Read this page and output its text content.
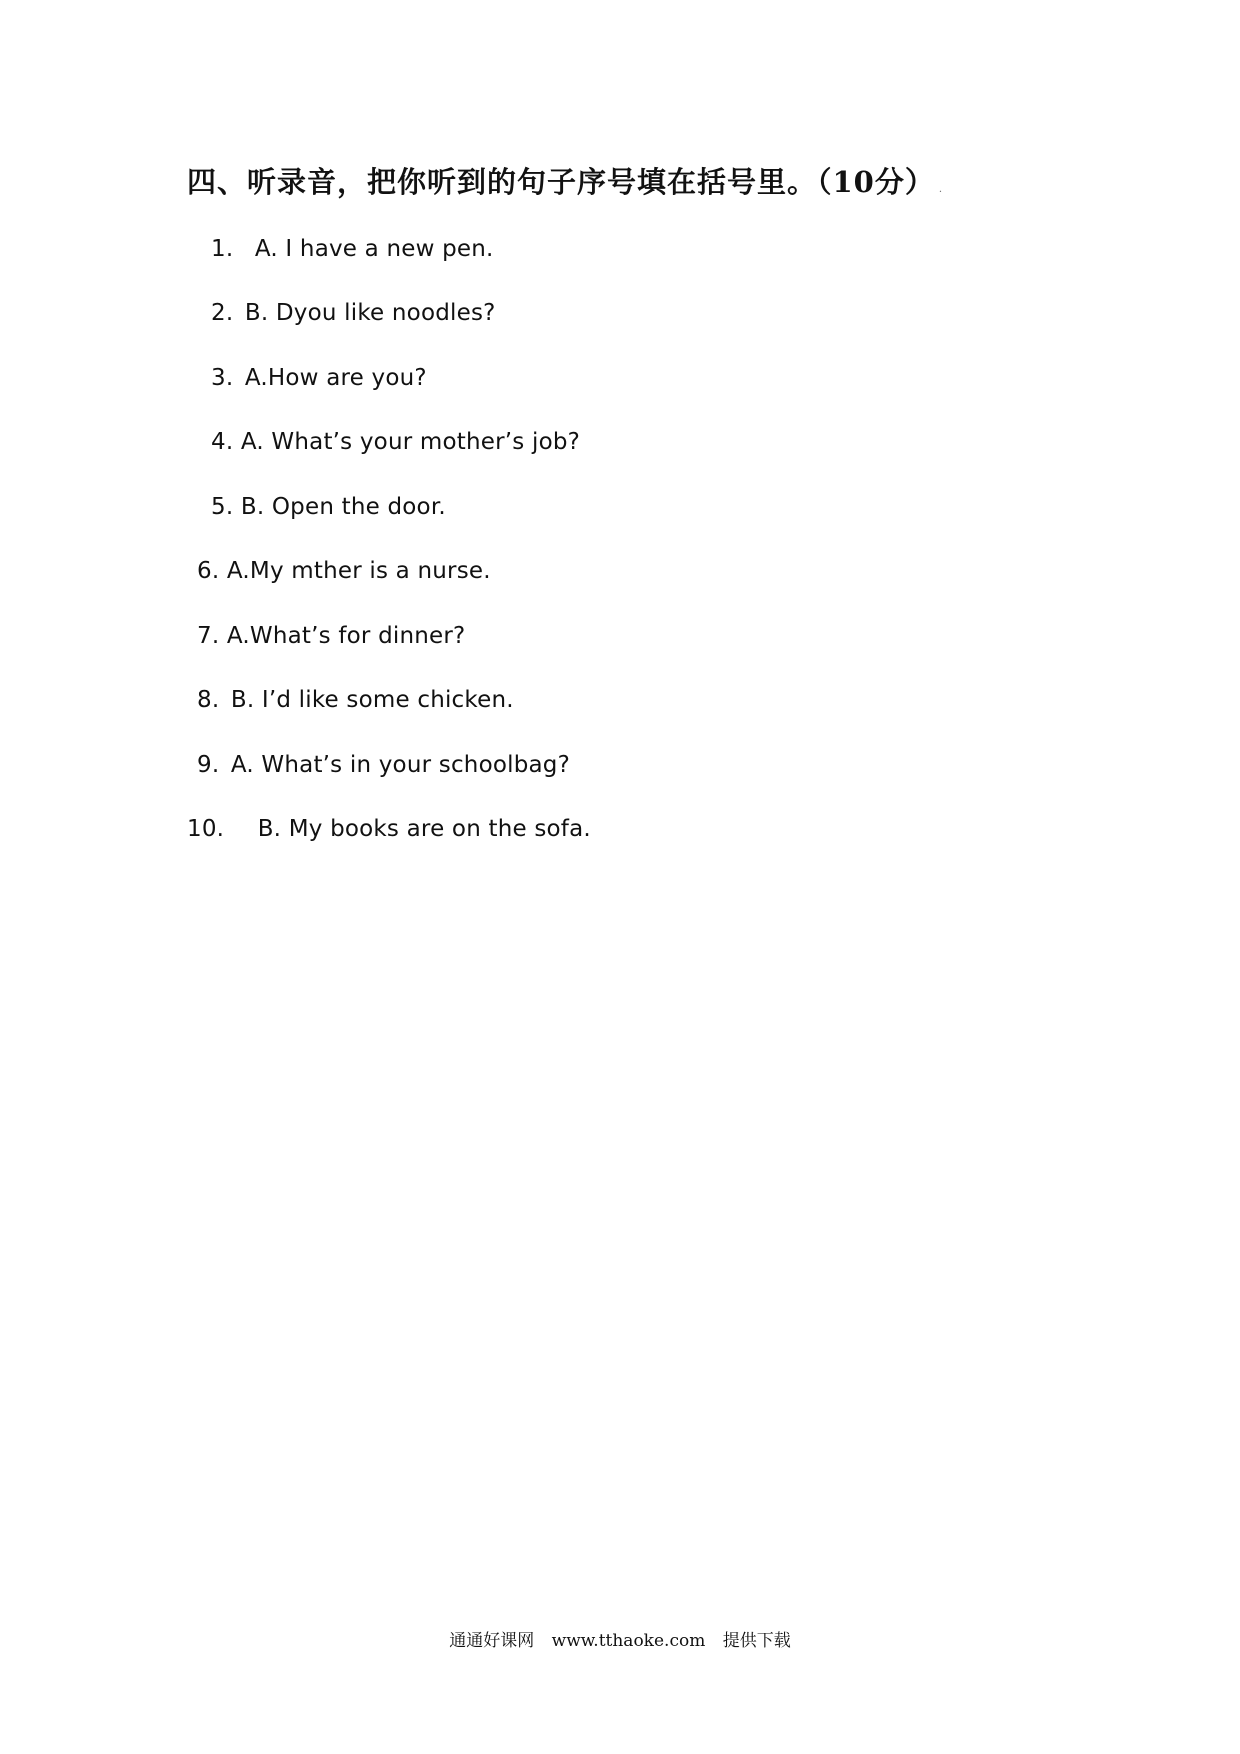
四、听录音，把你听到的句子序号填在括号里。（10分） .
1. A. I have a new pen.
2. B. Dyou like noodles?
3. A.How are you?
4. A. What’s your mother’s job?
5. B. Open the door.
6. A.My mther is a nurse.
7. A.What’s for dinner?
8. B. I’d like some chicken.
9. A. What’s in your schoolbag?
10. B. My books are on the sofa.
通通好课网 www.tthaoke.com 提供下载
